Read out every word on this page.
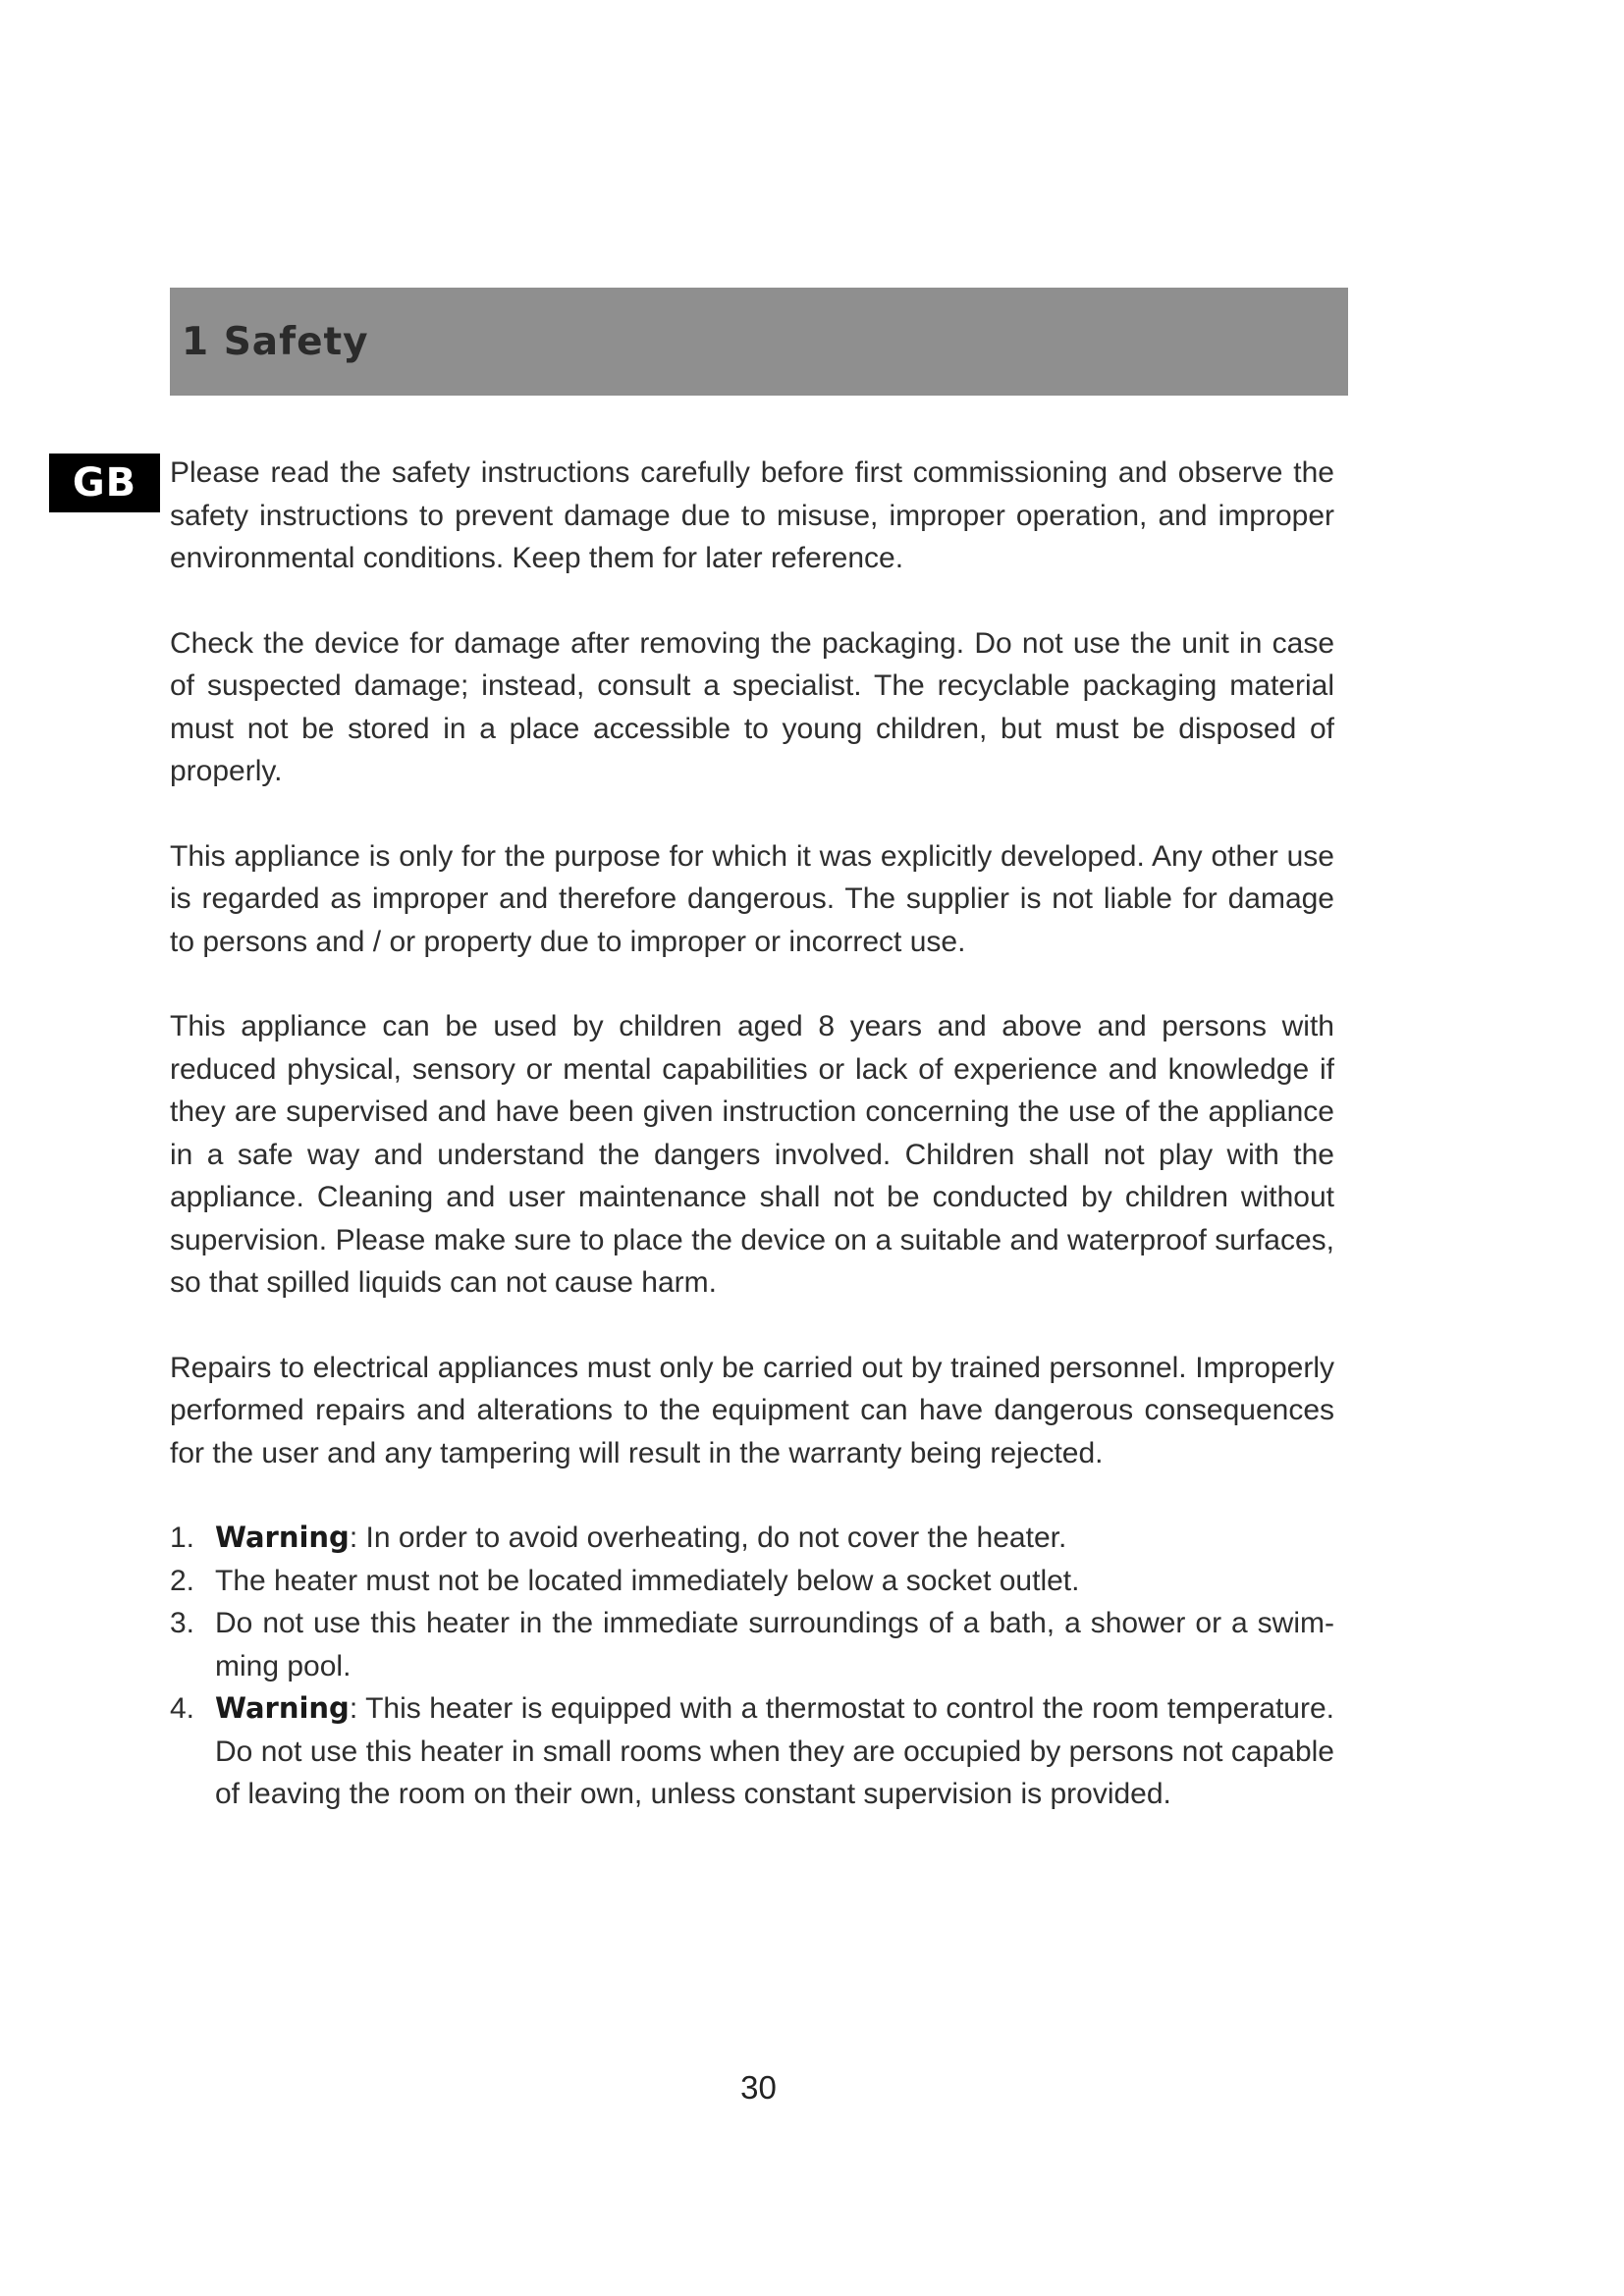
1 Safety
GB	Please read the safety instructions carefully before first commissioning and observe the safety instructions to prevent damage due to misuse, improper operation, and improper environmental conditions. Keep them for later reference.

Check the device for damage after removing the packaging. Do not use the unit in case of suspected damage; instead, consult a specialist. The recyclable packaging material must not be stored in a place accessible to young children, but must be disposed of properly.

This appliance is only for the purpose for which it was explicitly developed. Any other use is regarded as improper and therefore dangerous. The supplier is not liable for damage to persons and / or property due to improper or incorrect use.

This appliance can be used by children aged 8 years and above and persons with reduced physical, sensory or mental capabilities or lack of experience and knowledge if they are supervised and have been given instruction concerning the use of the appliance in a safe way and understand the dangers involved. Children shall not play with the appliance. Cleaning and user maintenance shall not be conducted by children without supervision. Please make sure to place the device on a suitable and waterproof surfaces, so that spilled liquids can not cause harm.

Repairs to electrical appliances must only be carried out by trained personnel. Improperly performed repairs and alterations to the equipment can have dangerous consequences for the user and any tampering will result in the warranty being rejected.

1. Warning: In order to avoid overheating, do not cover the heater.
2. The heater must not be located immediately below a socket outlet.
3. Do not use this heater in the immediate surroundings of a bath, a shower or a swimming pool.
4. Warning: This heater is equipped with a thermostat to control the room temperature. Do not use this heater in small rooms when they are occupied by persons not capable of leaving the room on their own, unless constant supervision is provided.
30
